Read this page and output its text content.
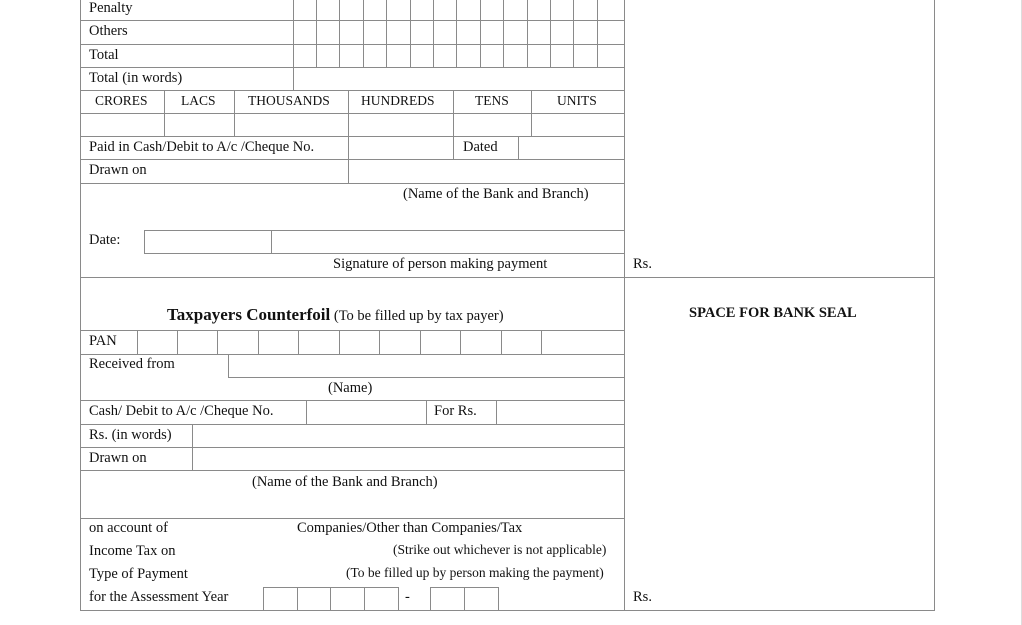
Penalty
Others
Total
Total (in words)
CRORES LACS THOUSANDS HUNDREDS	TENS	UNITS
Paid in Cash/Debit to A/c /Cheque No.	Dated
Drawn on
(Name of the Bank and Branch)
Date:
Signature of person making payment	Rs.
Taxpayers Counterfoil (To be filled up by tax payer)	SPACE FOR BANK SEAL
PAN
Received from
(Name)
Cash/ Debit to A/c /Cheque No.	For Rs.
Rs. (in words)
Drawn on
(Name of the Bank and Branch)
on account of	Companies/Other than Companies/Tax
Income Tax on	(Strike out whichever is not applicable)
Type of Payment	(To be filled up by person making the payment)
for the Assessment Year	-	Rs.
